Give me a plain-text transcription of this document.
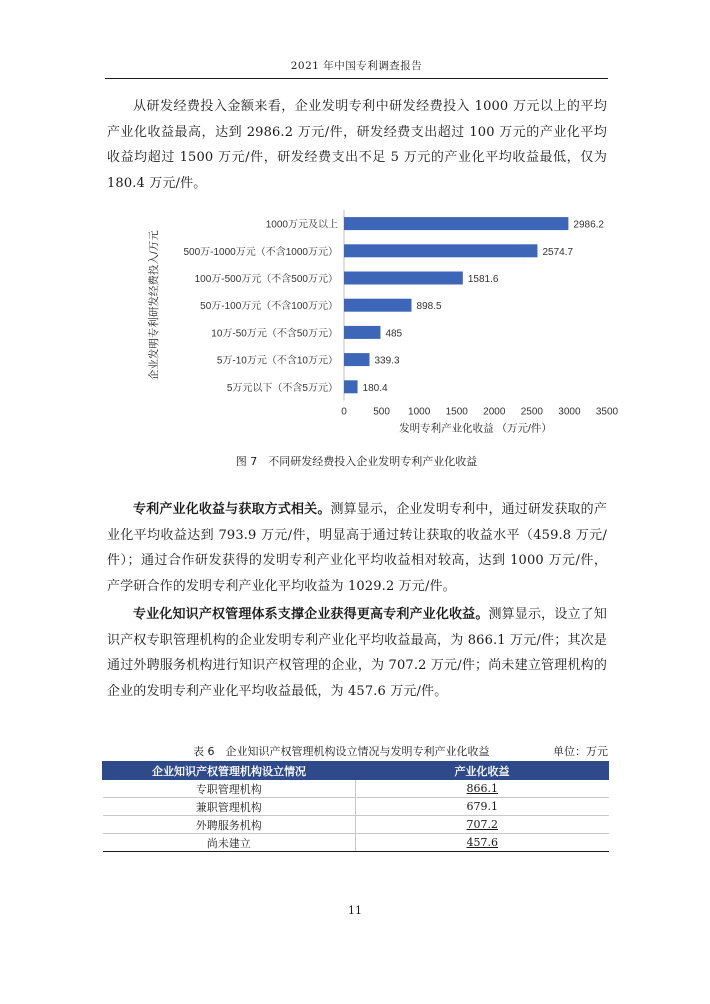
2021 年中国专利调查报告
从研发经费投入金额来看，企业发明专利中研发经费投入 1000 万元以上的平均产业化收益最高，达到 2986.2 万元/件，研发经费支出超过 100 万元的产业化平均收益均超过 1500 万元/件，研发经费支出不足 5 万元的产业化平均收益最低，仅为 180.4 万元/件。
1000万元及以上	2986.2
500万-1000万元（不含1000万元）	2574.7
100万-500万元（不含500万元）	1581.6
50万-100万元（不含100万元）	898.5
10万-50万元（不含50万元）	485
5万-10万元（不含10万元）	339.3
5万元以下（不含5万元） 180.4
0	500 1000 1500 2000 2500 3000 3500
发明专利产业化收益 （万元/件）
企业发明专利研发经费投入/万元
图 7　不同研发经费投入企业发明专利产业化收益
专利产业化收益与获取方式相关。测算显示，企业发明专利中，通过研发获取的产业化平均收益达到 793.9 万元/件，明显高于通过转让获取的收益水平（459.8 万元/件）；通过合作研发获得的发明专利产业化平均收益相对较高，达到 1000 万元/件，产学研合作的发明专利产业化平均收益为 1029.2 万元/件。
专业化知识产权管理体系支撑企业获得更高专利产业化收益。测算显示，设立了知识产权专职管理机构的企业发明专利产业化平均收益最高，为 866.1 万元/件；其次是通过外聘服务机构进行知识产权管理的企业，为 707.2 万元/件；尚未建立管理机构的企业的发明专利产业化平均收益最低，为 457.6 万元/件。
表 6　企业知识产权管理机构设立情况与发明专利产业化收益	单位：万元
企业知识产权管理机构设立情况	产业化收益
专职管理机构	866.1
兼职管理机构	679.1
外聘服务机构	707.2
尚未建立	457.6
11
